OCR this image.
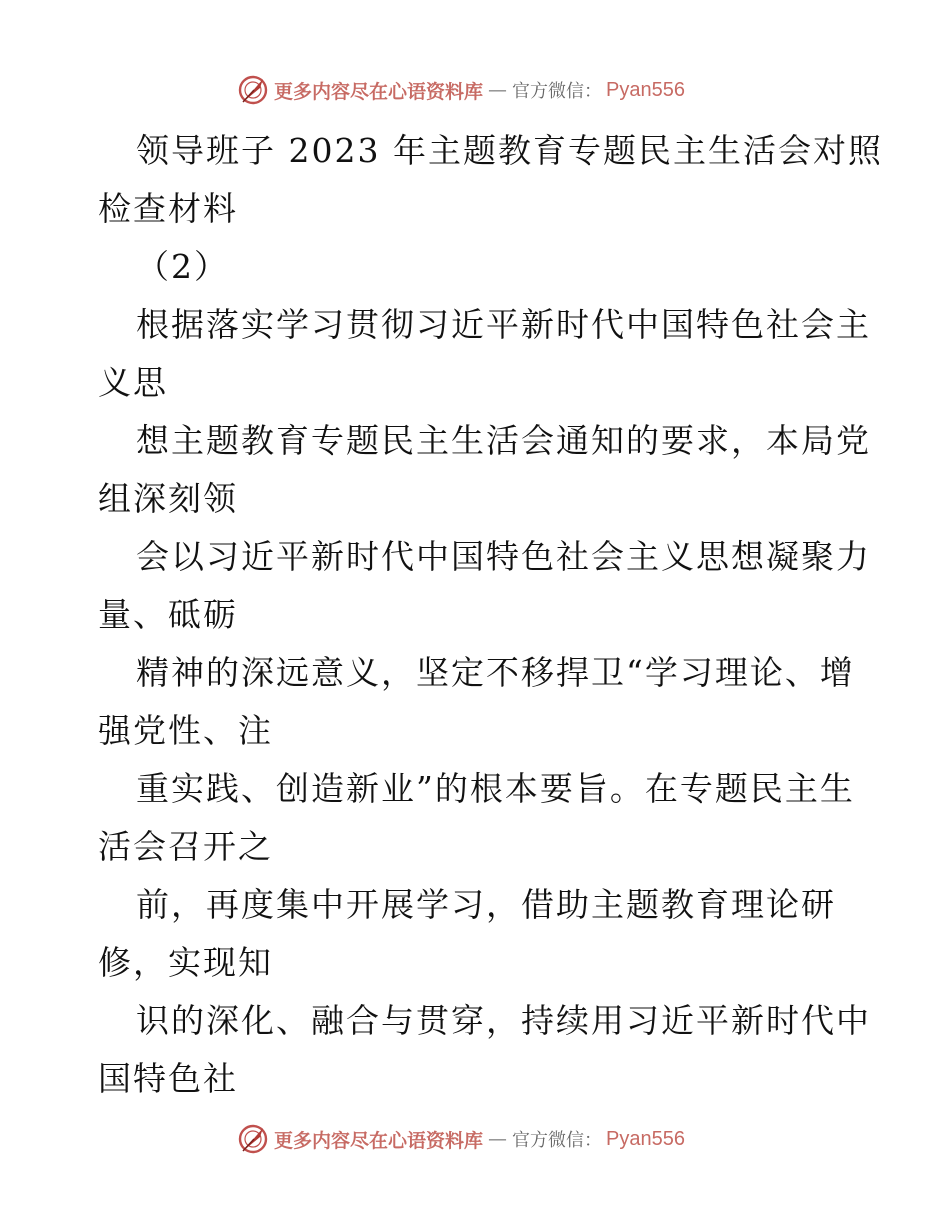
更多内容尽在心语资料库 — 官方微信： Pyan556
领导班子 2023 年主题教育专题民主生活会对照
检查材料
（2）
根据落实学习贯彻习近平新时代中国特色社会主
义思
想主题教育专题民主生活会通知的要求，本局党
组深刻领
会以习近平新时代中国特色社会主义思想凝聚力
量、砥砺
精神的深远意义，坚定不移捍卫“学习理论、增
强党性、注
重实践、创造新业”的根本要旨。在专题民主生
活会召开之
前，再度集中开展学习，借助主题教育理论研
修，实现知
识的深化、融合与贯穿，持续用习近平新时代中
国特色社
更多内容尽在心语资料库 — 官方微信： Pyan556
